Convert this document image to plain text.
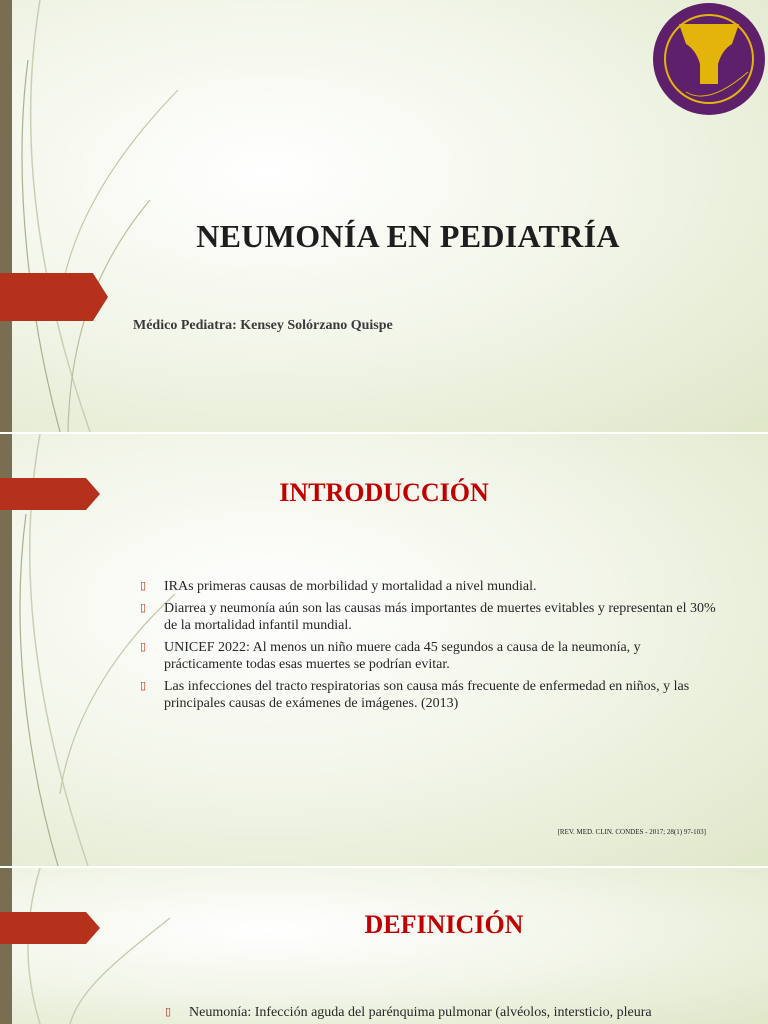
NEUMONÍA EN PEDIATRÍA
Médico Pediatra: Kensey Solórzano Quispe
INTRODUCCIÓN
▯ IRAs primeras causas de morbilidad y mortalidad a nivel mundial.
▯ Diarrea y neumonía aún son las causas más importantes de muertes evitables y representan el 30% de la mortalidad infantil mundial.
▯ UNICEF 2022: Al menos un niño muere cada 45 segundos a causa de la neumonía, y prácticamente todas esas muertes se podrían evitar.
▯ Las infecciones del tracto respiratorias son causa más frecuente de enfermedad en niños, y las principales causas de exámenes de imágenes. (2013)
[REV. MED. CLIN. CONDES - 2017; 28(1) 97-103]
DEFINICIÓN
▯ Neumonía: Infección aguda del parénquima pulmonar (alvéolos, intersticio, pleura
